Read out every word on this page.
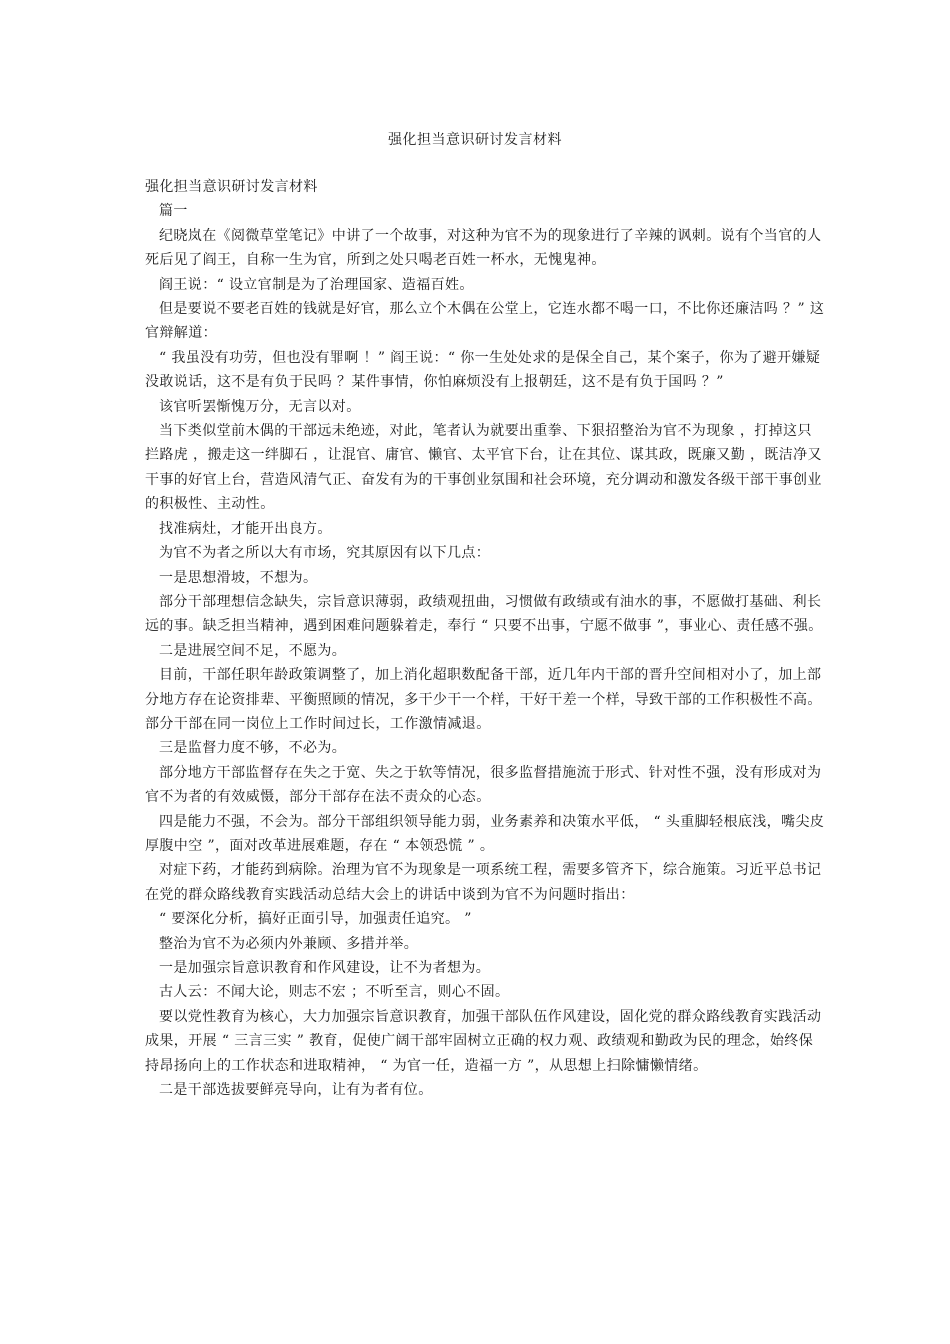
强化担当意识研讨发言材料

强化担当意识研讨发言材料

篇一

纪晓岚在《阅微草堂笔记》中讲了一个故事，对这种为官不为的现象进行了辛辣的讽刺。说有个当官的人死后见了阎王，自称一生为官，所到之处只喝老百姓一杯水，无愧鬼神。

阎王说：“ 设立官制是为了治理国家、造福百姓。

但是要说不要老百姓的钱就是好官，那么立个木偶在公堂上，它连水都不喝一口，不比你还廉洁吗 ？” 这官辩解道：

“ 我虽没有功劳，但也没有罪啊 ！” 阎王说：“ 你一生处处求的是保全自己，某个案子，你为了避开嫌疑没敢说话，这不是有负于民吗 ？某件事情，你怕麻烦没有上报朝廷，这不是有负于国吗 ？”

该官听罢惭愧万分，无言以对。

当下类似堂前木偶的干部远未绝迹，对此，笔者认为就要出重拳、下狠招整治为官不为现象 ，打掉这只拦路虎 ，搬走这一绊脚石 ，让混官、庸官、懒官、太平官下台，让在其位、谋其政，既廉又勤 ，既洁净又干事的好官上台，营造风清气正、奋发有为的干事创业氛围和社会环境，充分调动和激发各级干部干事创业的积极性、主动性。

找准病灶，才能开出良方。

为官不为者之所以大有市场，究其原因有以下几点：

一是思想滑坡，不想为。

部分干部理想信念缺失，宗旨意识薄弱，政绩观扭曲，习惯做有政绩或有油水的事，不愿做打基础、利长远的事。缺乏担当精神，遇到困难问题躲着走，奉行 “ 只要不出事，宁愿不做事 ”，事业心、责任感不强。

二是进展空间不足，不愿为。

目前，干部任职年龄政策调整了，加上消化超职数配备干部，近几年内干部的晋升空间相对小了，加上部分地方存在论资排辈、平衡照顾的情况，多干少干一个样，干好干差一个样，导致干部的工作积极性不高。部分干部在同一岗位上工作时间过长，工作激情减退。

三是监督力度不够，不必为。

部分地方干部监督存在失之于宽、失之于软等情况，很多监督措施流于形式、针对性不强，没有形成对为官不为者的有效威慑，部分干部存在法不责众的心态。

四是能力不强，不会为。部分干部组织领导能力弱，业务素养和决策水平低， “ 头重脚轻根底浅，嘴尖皮厚腹中空 ”，面对改革进展难题，存在 “ 本领恐慌 ” 。

对症下药，才能药到病除。治理为官不为现象是一项系统工程，需要多管齐下，综合施策。习近平总书记在党的群众路线教育实践活动总结大会上的讲话中谈到为官不为问题时指出：

“ 要深化分析，搞好正面引导，加强责任追究。 ”

整治为官不为必须内外兼顾、多措并举。

一是加强宗旨意识教育和作风建设，让不为者想为。

古人云：不闻大论，则志不宏 ；不听至言，则心不固。

要以党性教育为核心，大力加强宗旨意识教育，加强干部队伍作风建设，固化党的群众路线教育实践活动成果，开展 “ 三言三实 ” 教育，促使广阔干部牢固树立正确的权力观、政绩观和勤政为民的理念，始终保持昂扬向上的工作状态和进取精神， “ 为官一任，造福一方 ”，从思想上扫除慵懒情绪。

二是干部选拔要鲜亮导向，让有为者有位。
